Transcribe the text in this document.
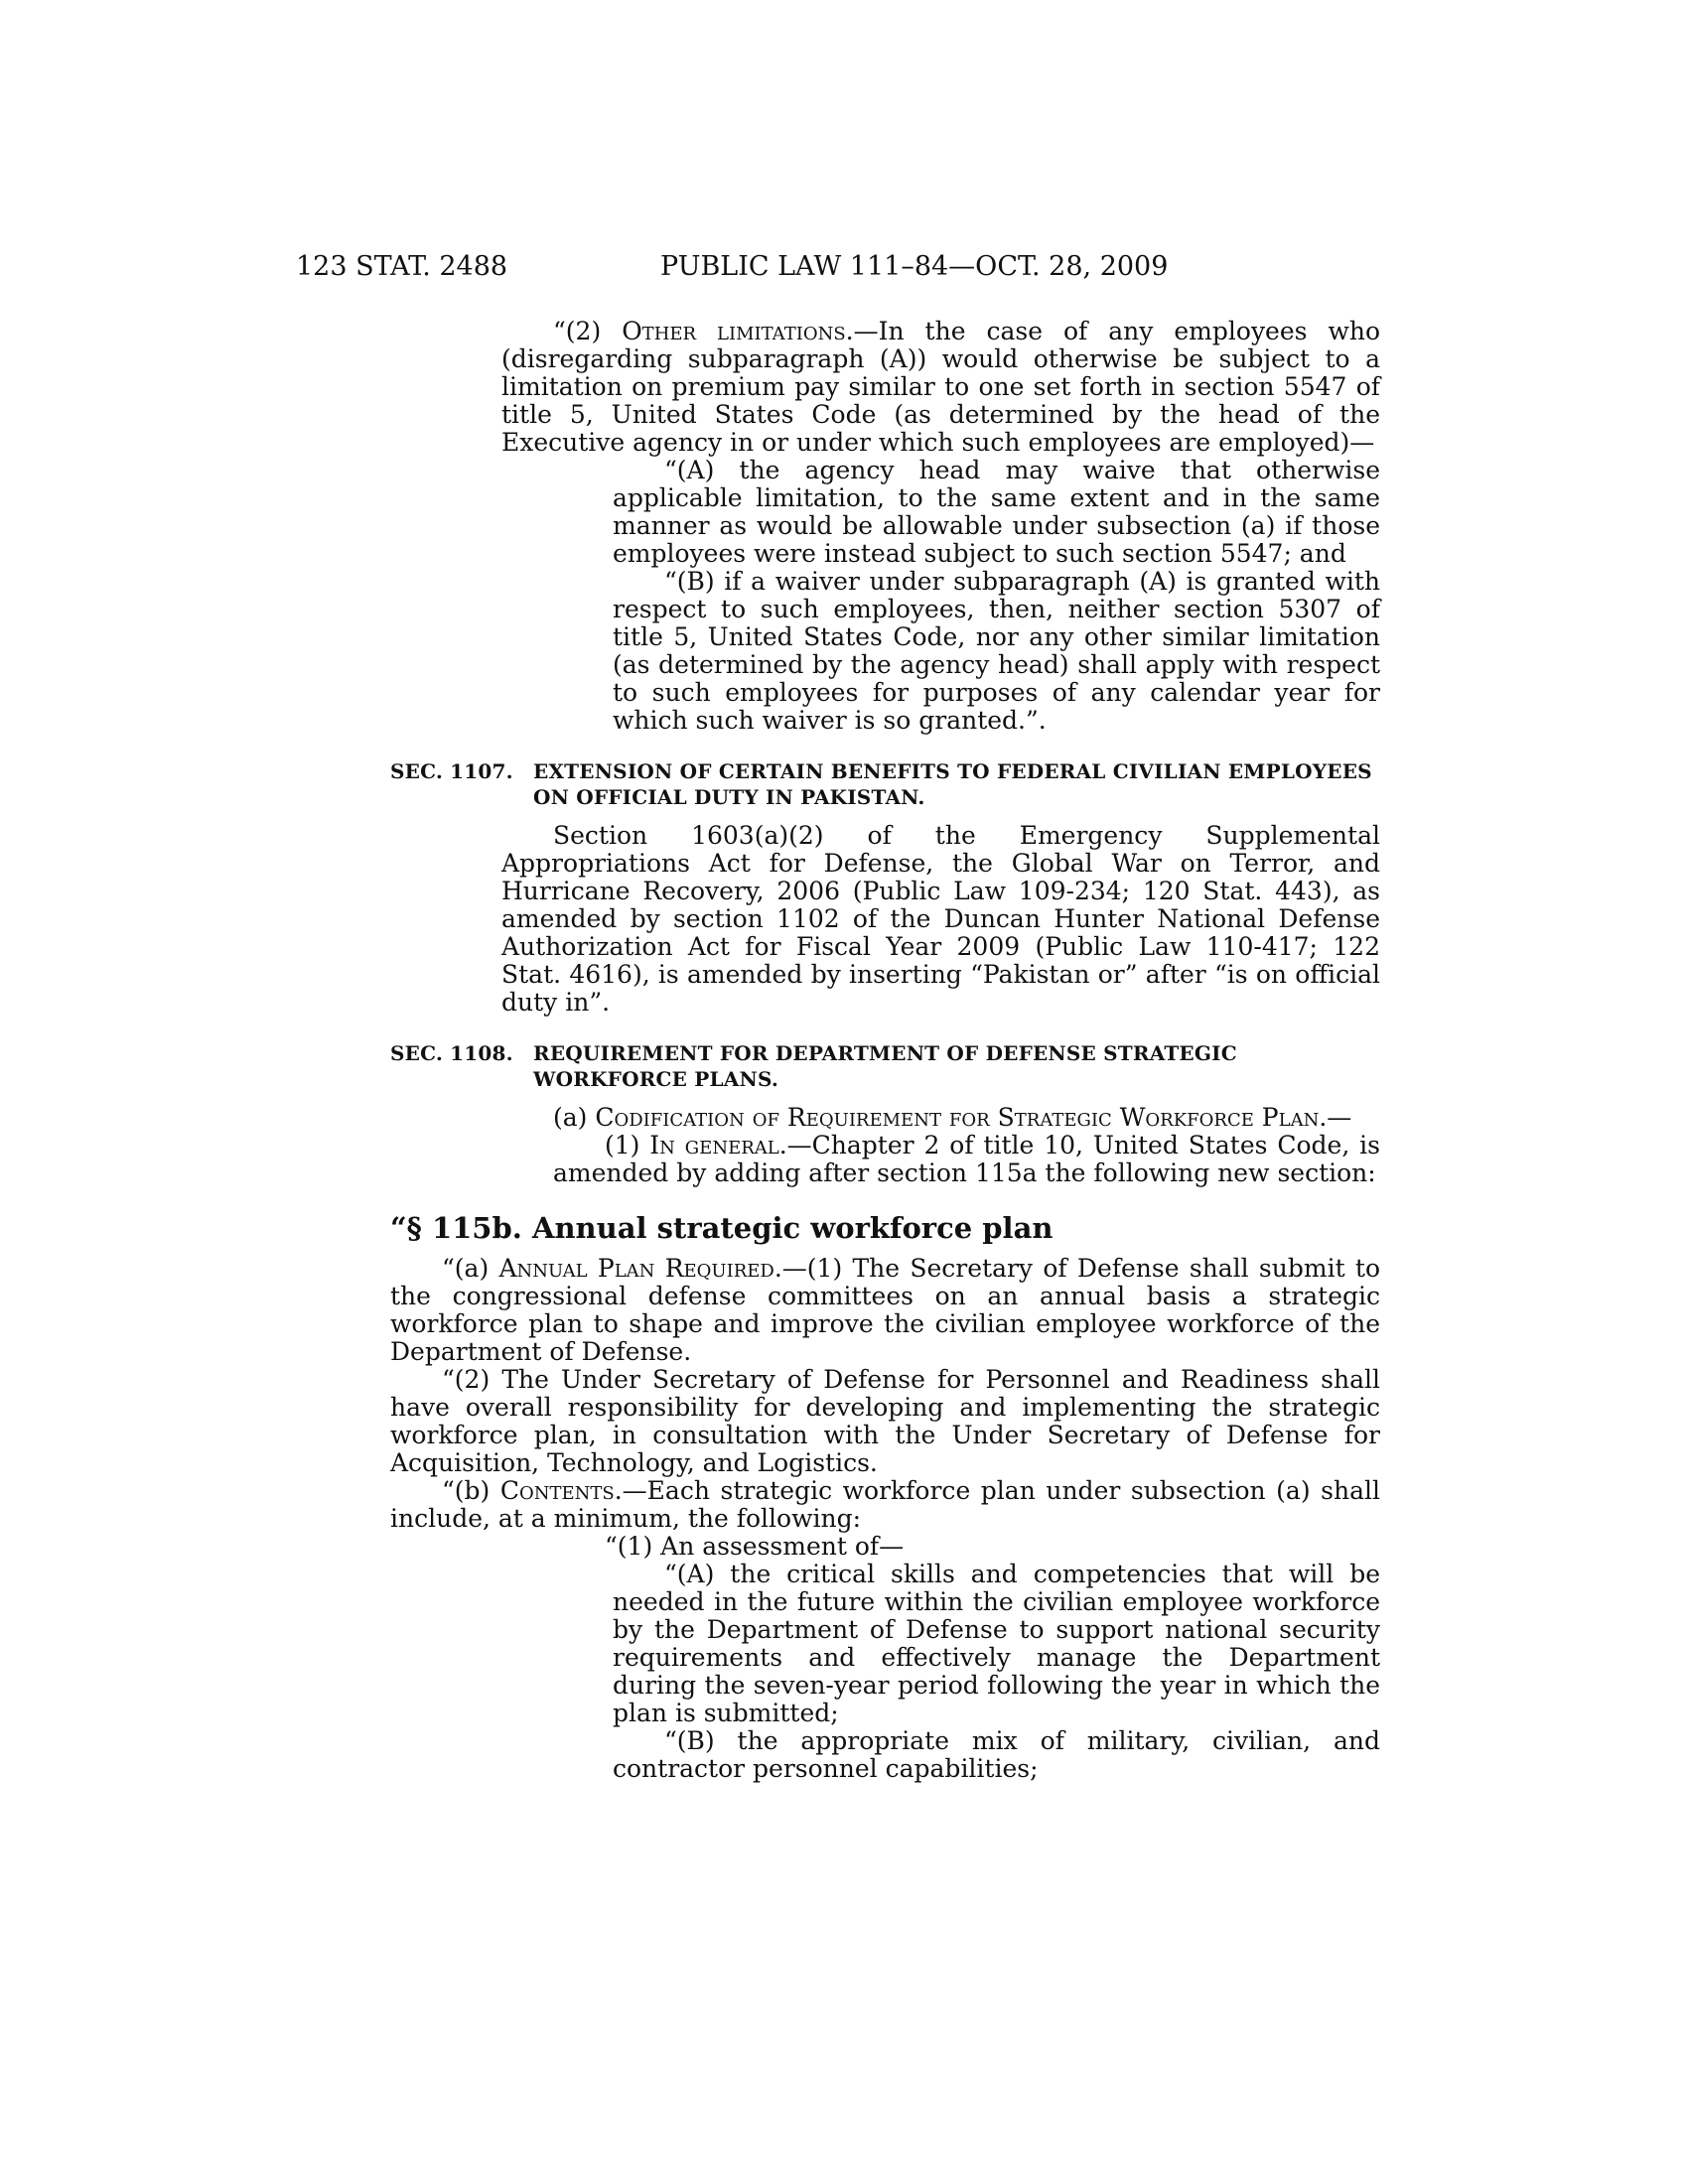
123 STAT. 2488	PUBLIC LAW 111–84—OCT. 28, 2009

“(2) Other limitations.—In the case of any employees who (disregarding subparagraph (A)) would otherwise be subject to a limitation on premium pay similar to one set forth in section 5547 of title 5, United States Code (as determined by the head of the Executive agency in or under which such employees are employed)—

“(A) the agency head may waive that otherwise applicable limitation, to the same extent and in the same manner as would be allowable under subsection (a) if those employees were instead subject to such section 5547; and

“(B) if a waiver under subparagraph (A) is granted with respect to such employees, then, neither section 5307 of title 5, United States Code, nor any other similar limitation (as determined by the agency head) shall apply with respect to such employees for purposes of any calendar year for which such waiver is so granted.”.

SEC. 1107. EXTENSION OF CERTAIN BENEFITS TO FEDERAL CIVILIAN EMPLOYEES ON OFFICIAL DUTY IN PAKISTAN.

Section 1603(a)(2) of the Emergency Supplemental Appropriations Act for Defense, the Global War on Terror, and Hurricane Recovery, 2006 (Public Law 109-234; 120 Stat. 443), as amended by section 1102 of the Duncan Hunter National Defense Authorization Act for Fiscal Year 2009 (Public Law 110-417; 122 Stat. 4616), is amended by inserting “Pakistan or” after “is on official duty in”.

SEC. 1108. REQUIREMENT FOR DEPARTMENT OF DEFENSE STRATEGIC WORKFORCE PLANS.

(a) Codification of Requirement for Strategic Workforce Plan.—

(1) In general.—Chapter 2 of title 10, United States Code, is amended by adding after section 115a the following new section:

“§ 115b. Annual strategic workforce plan

“(a) Annual Plan Required.—(1) The Secretary of Defense shall submit to the congressional defense committees on an annual basis a strategic workforce plan to shape and improve the civilian employee workforce of the Department of Defense.

“(2) The Under Secretary of Defense for Personnel and Readiness shall have overall responsibility for developing and implementing the strategic workforce plan, in consultation with the Under Secretary of Defense for Acquisition, Technology, and Logistics.

“(b) Contents.—Each strategic workforce plan under subsection (a) shall include, at a minimum, the following:

“(1) An assessment of—

“(A) the critical skills and competencies that will be needed in the future within the civilian employee workforce by the Department of Defense to support national security requirements and effectively manage the Department during the seven-year period following the year in which the plan is submitted;

“(B) the appropriate mix of military, civilian, and contractor personnel capabilities;
